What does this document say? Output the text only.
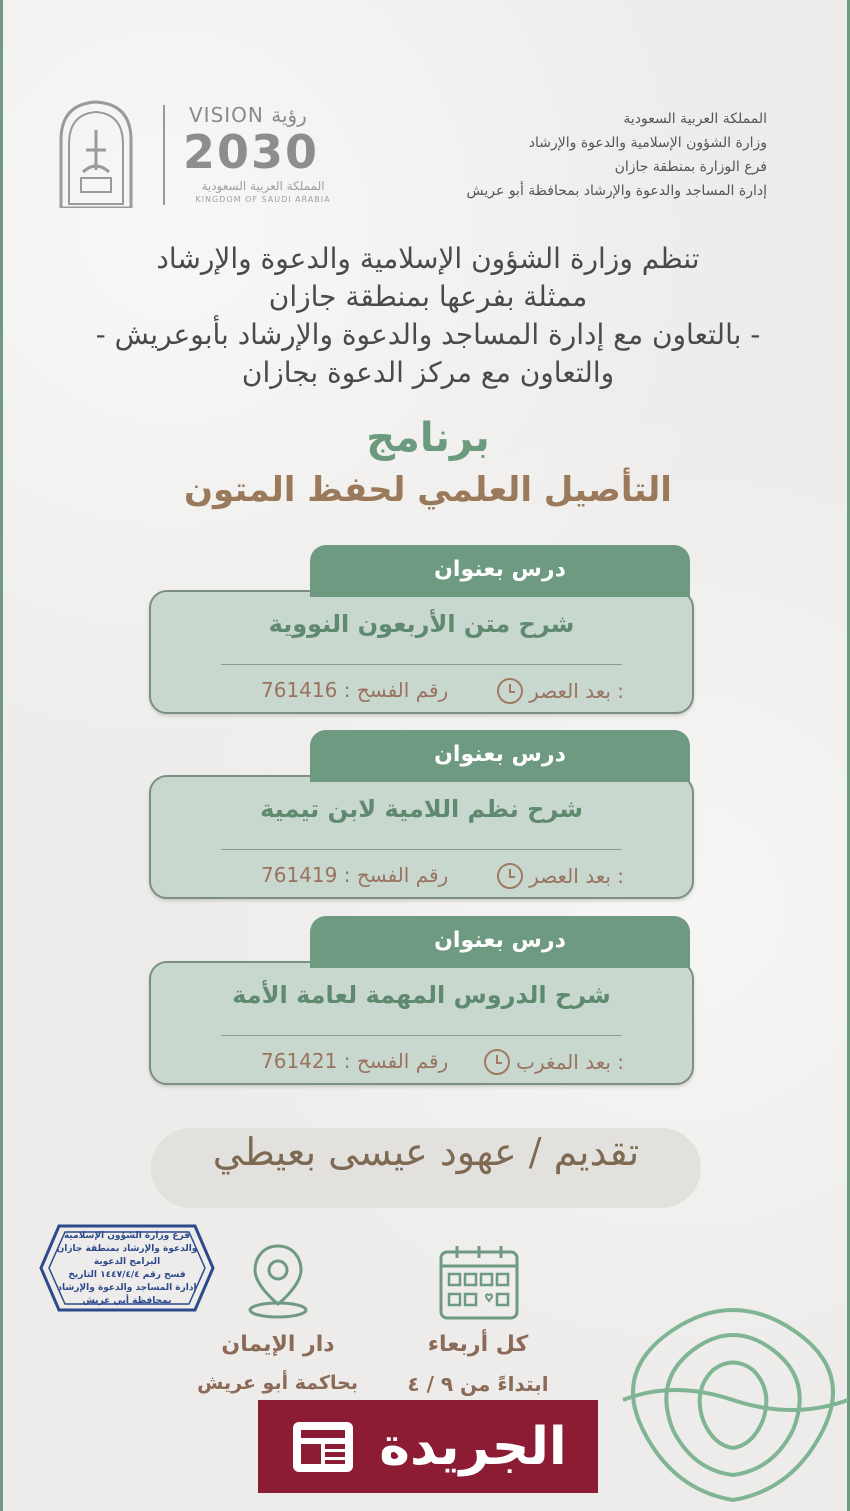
المملكة العربية السعودية
وزارة الشؤون الإسلامية والدعوة والإرشاد
فرع الوزارة بمنطقة جازان
إدارة المساجد والدعوة والإرشاد بمحافظة أبو عريش
VISION رؤية
2030
المملكة العربية السعودية
KINGDOM OF SAUDI ARABIA
تنظم وزارة الشؤون الإسلامية والدعوة والإرشاد
ممثلة بفرعها بمنطقة جازان
- بالتعاون مع إدارة المساجد والدعوة والإرشاد بأبوعريش -
والتعاون مع مركز الدعوة بجازان
برنامج
التأصيل العلمي لحفظ المتون
شرح متن الأربعون النووية
: بعد العصر
رقم الفسح : 761416
درس بعنوان
شرح نظم اللامية لابن تيمية
: بعد العصر
رقم الفسح : 761419
درس بعنوان
شرح الدروس المهمة لعامة الأمة
: بعد المغرب
رقم الفسح : 761421
درس بعنوان
تقديم / عهود عيسى بعيطي
فرع وزارة الشؤون الإسلامية
والدعوة والإرشاد بمنطقة جازان
البرامج الدعوية
فسح رقم ١٤٤٧/٤/٤ التاريخ
إدارة المساجد والدعوة والإرشاد
بمحافظة أبي عريش
دار الإيمان
بحاكمة أبو عريش
كل أربعاء
ابتداءً من ٩ / ٤
الجريدة
